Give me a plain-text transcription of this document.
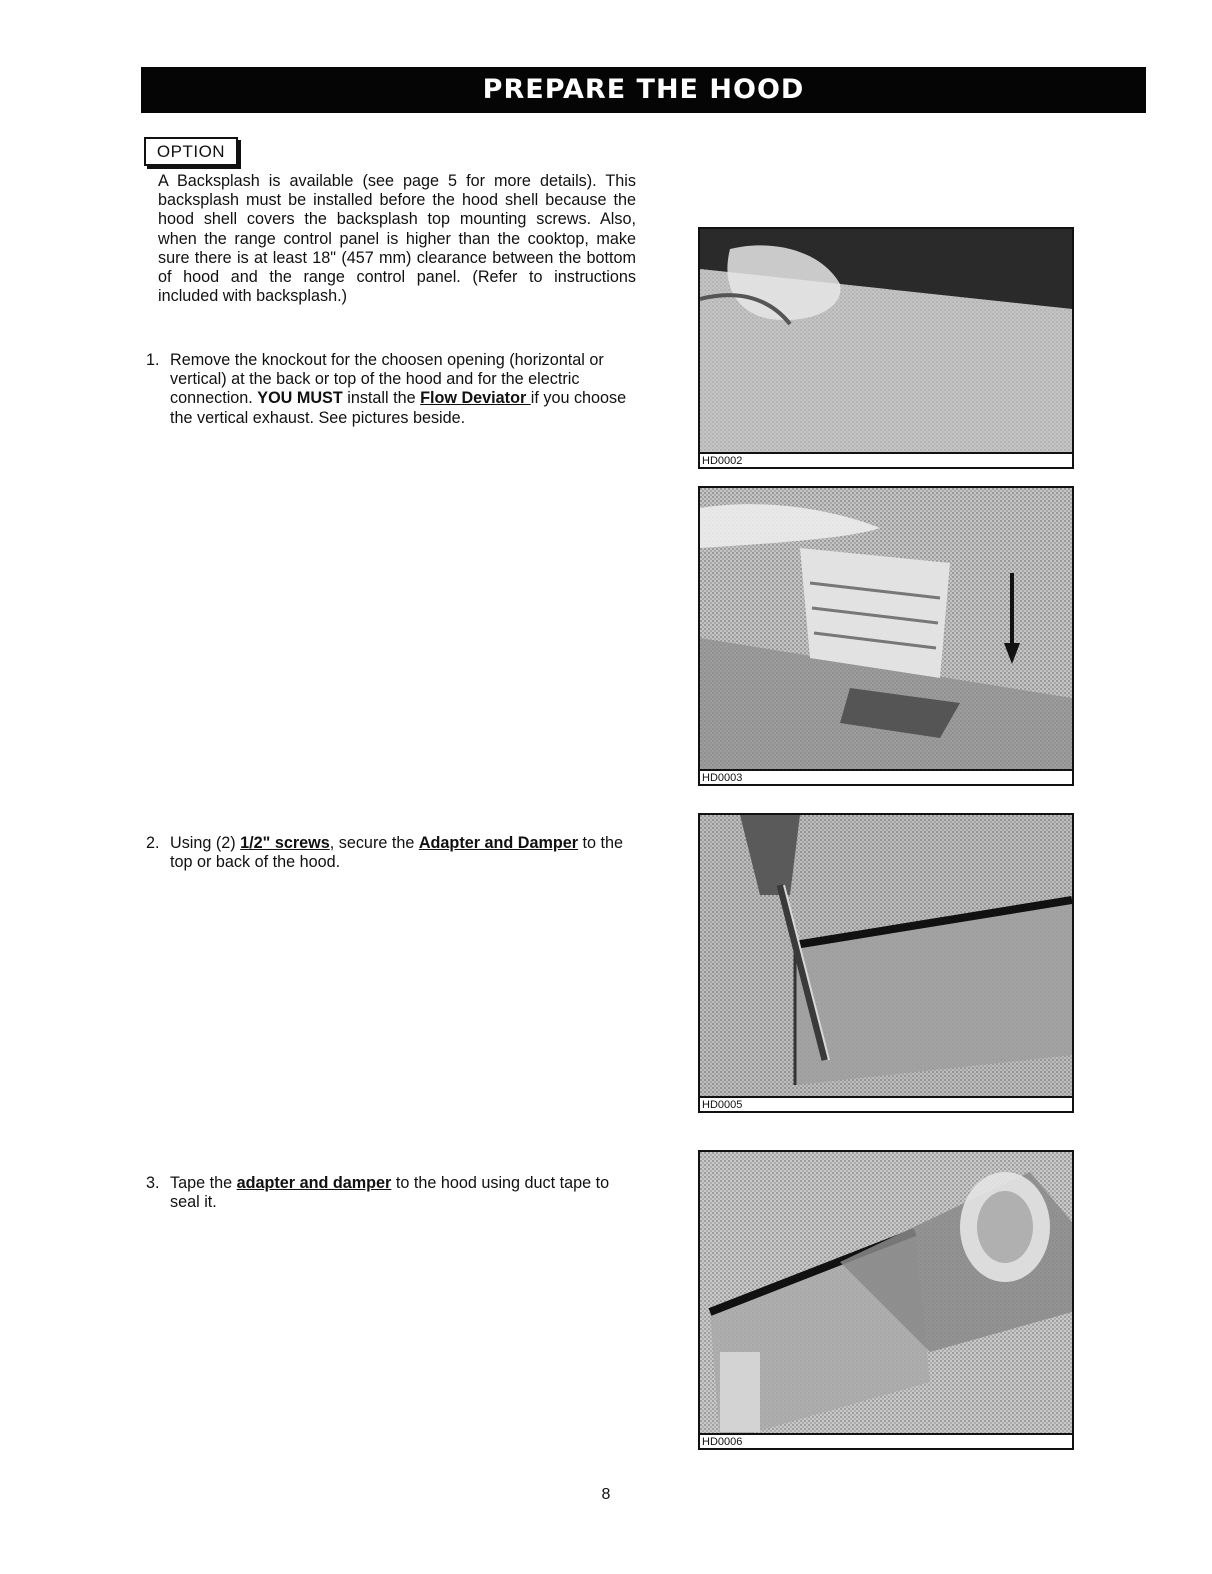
PREPARE THE HOOD
OPTION
A Backsplash is available (see page 5 for more details). This backsplash must be installed before the hood shell because the hood shell covers the backsplash top mounting screws. Also, when the range control panel is higher than the cooktop, make sure there is at least 18" (457 mm) clearance between the bottom of hood and the range control panel. (Refer to instructions included with backsplash.)
1. Remove the knockout for the choosen opening (horizontal or vertical) at the back or top of the hood and for the electric connection. YOU MUST install the Flow Deviator if you choose the vertical exhaust. See pictures beside.
2. Using (2) 1/2" screws, secure the Adapter and Damper to the top or back of the hood.
3. Tape the adapter and damper to the hood using duct tape to seal it.
HD0002
HD0003
HD0005
HD0006
8
